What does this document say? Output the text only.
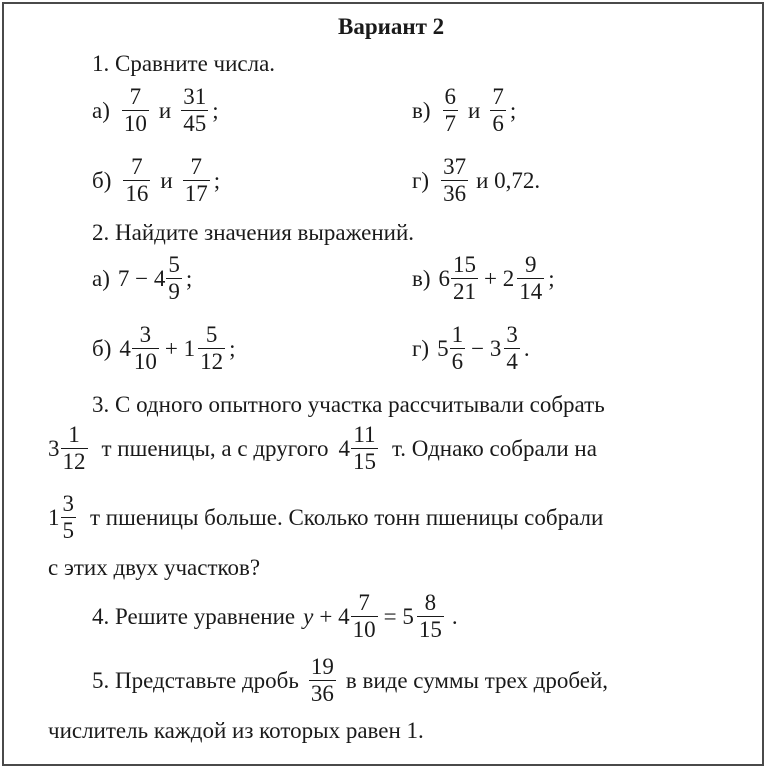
Вариант 2
1. Сравните числа.
$а) \frac{7}{10}$ и $\frac{31}{45}$ ;	$в) \frac{6}{7}$ и $\frac{7}{6}$ ;
$б) \frac{7}{16}$ и $\frac{7}{17}$ ;	$г) \frac{37}{36}$ и 0,72.
2. Найдите значения выражений.
а) $7 - 4 \frac{5}{9}$ ;	в) $6 \frac{15}{21} + 2 \frac{9}{14}$ ;
б) $4 \frac{3}{10} + 1 \frac{5}{12}$ ;	г) $5 \frac{1}{6} - 3 \frac{3}{4}$ .
3. С одного опытного участка рассчитывали собрать
$3 \frac{1}{12}$ т пшеницы, а с другого $4 \frac{11}{15} т$. Однако собрали на
$1 \frac{3}{5}$ т пшеницы больше. Сколько тонн пшеницы собрали
с этих двух участков?
4. Решите уравнение $y + 4 \frac{7}{10} = 5 \frac{8}{15}$ .
5. Представьте дробь $\frac{19}{36}$ в виде суммы трех дробей,
числитель каждой из которых равен 1.
